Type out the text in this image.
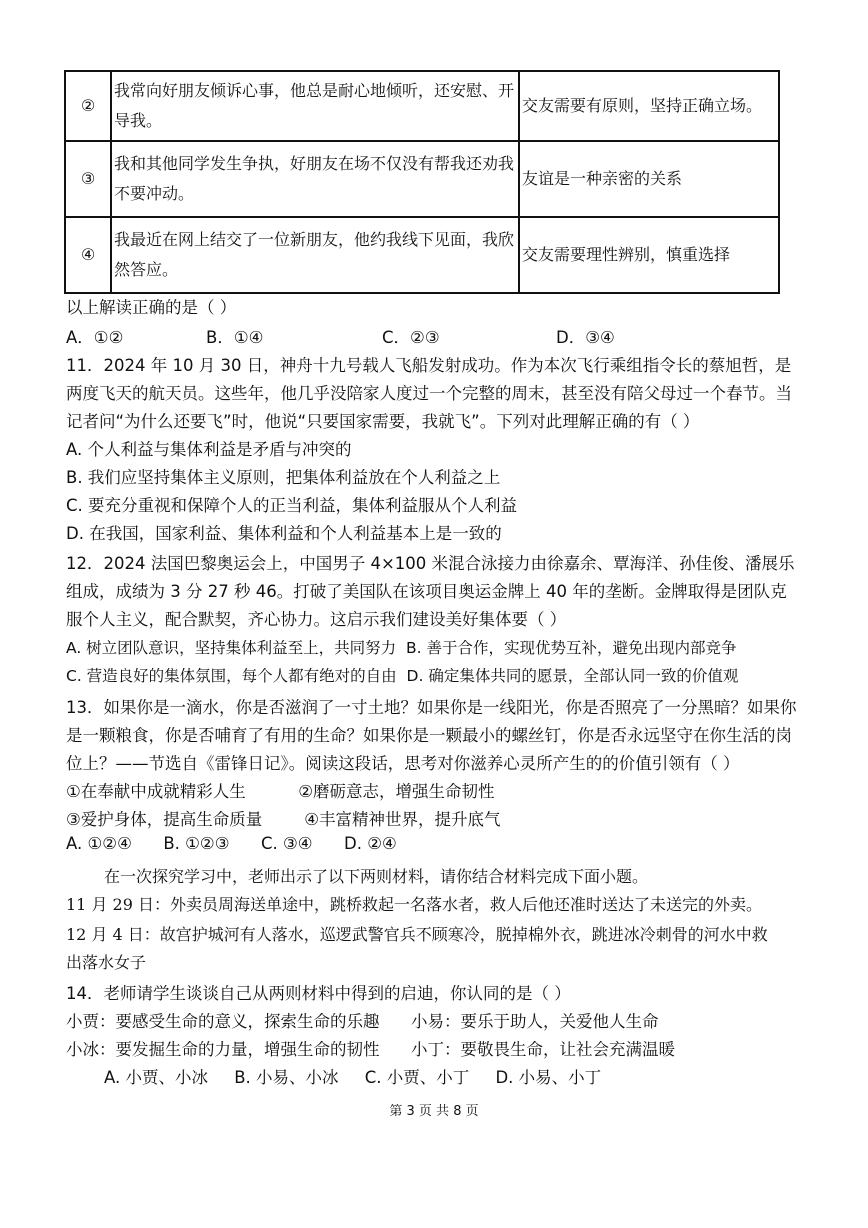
②	我常向好朋友倾诉心事，他总是耐心地倾听，还安慰、开导我。	交友需要有原则，坚持正确立场。
③	我和其他同学发生争执，好朋友在场不仅没有帮我还劝我不要冲动。	友谊是一种亲密的关系
④	我最近在网上结交了一位新朋友，他约我线下见面，我欣然答应。	交友需要理性辨别，慎重选择
以上解读正确的是（ ）
A．①②	B．①④	C．②③	D．③④
11．2024 年 10 月 30 日，神舟十九号载人飞船发射成功。作为本次飞行乘组指令长的蔡旭哲，是
两度飞天的航天员。这些年，他几乎没陪家人度过一个完整的周末，甚至没有陪父母过一个春节。当
记者问“为什么还要飞”时，他说“只要国家需要，我就飞”。下列对此理解正确的有（ ）
A. 个人利益与集体利益是矛盾与冲突的
B. 我们应坚持集体主义原则，把集体利益放在个人利益之上
C. 要充分重视和保障个人的正当利益，集体利益服从个人利益
D. 在我国，国家利益、集体利益和个人利益基本上是一致的
12．2024 法国巴黎奥运会上，中国男子 4×100 米混合泳接力由徐嘉余、覃海洋、孙佳俊、潘展乐
组成，成绩为 3 分 27 秒 46。打破了美国队在该项目奥运金牌上 40 年的垄断。金牌取得是团队克
服个人主义，配合默契，齐心协力。这启示我们建设美好集体要（ ）
A. 树立团队意识，坚持集体利益至上，共同努力  B. 善于合作，实现优势互补，避免出现内部竞争
C. 营造良好的集体氛围，每个人都有绝对的自由  D. 确定集体共同的愿景，全部认同一致的价值观
13．如果你是一滴水，你是否滋润了一寸土地？如果你是一线阳光，你是否照亮了一分黑暗？如果你
是一颗粮食，你是否哺育了有用的生命？如果你是一颗最小的螺丝钉，你是否永远坚守在你生活的岗
位上？——节选自《雷锋日记》。阅读这段话，思考对你滋养心灵所产生的的价值引领有（ ）
①在奉献中成就精彩人生          ②磨砺意志，增强生命韧性
③爱护身体，提高生命质量        ④丰富精神世界，提升底气
A. ①②④      B. ①②③      C. ③④      D. ②④
在一次探究学习中，老师出示了以下两则材料，请你结合材料完成下面小题。
11 月 29 日：外卖员周海送单途中，跳桥救起一名落水者，救人后他还准时送达了未送完的外卖。
12 月 4 日：故宫护城河有人落水，巡逻武警官兵不顾寒冷，脱掉棉外衣，跳进冰冷刺骨的河水中救
出落水女子
14．老师请学生谈谈自己从两则材料中得到的启迪，你认同的是（ ）
小贾：要感受生命的意义，探索生命的乐趣      小易：要乐于助人，关爱他人生命
小冰：要发掘生命的力量，增强生命的韧性      小丁：要敬畏生命，让社会充满温暖
A. 小贾、小冰     B. 小易、小冰     C. 小贾、小丁     D. 小易、小丁
第 3 页 共 8 页
